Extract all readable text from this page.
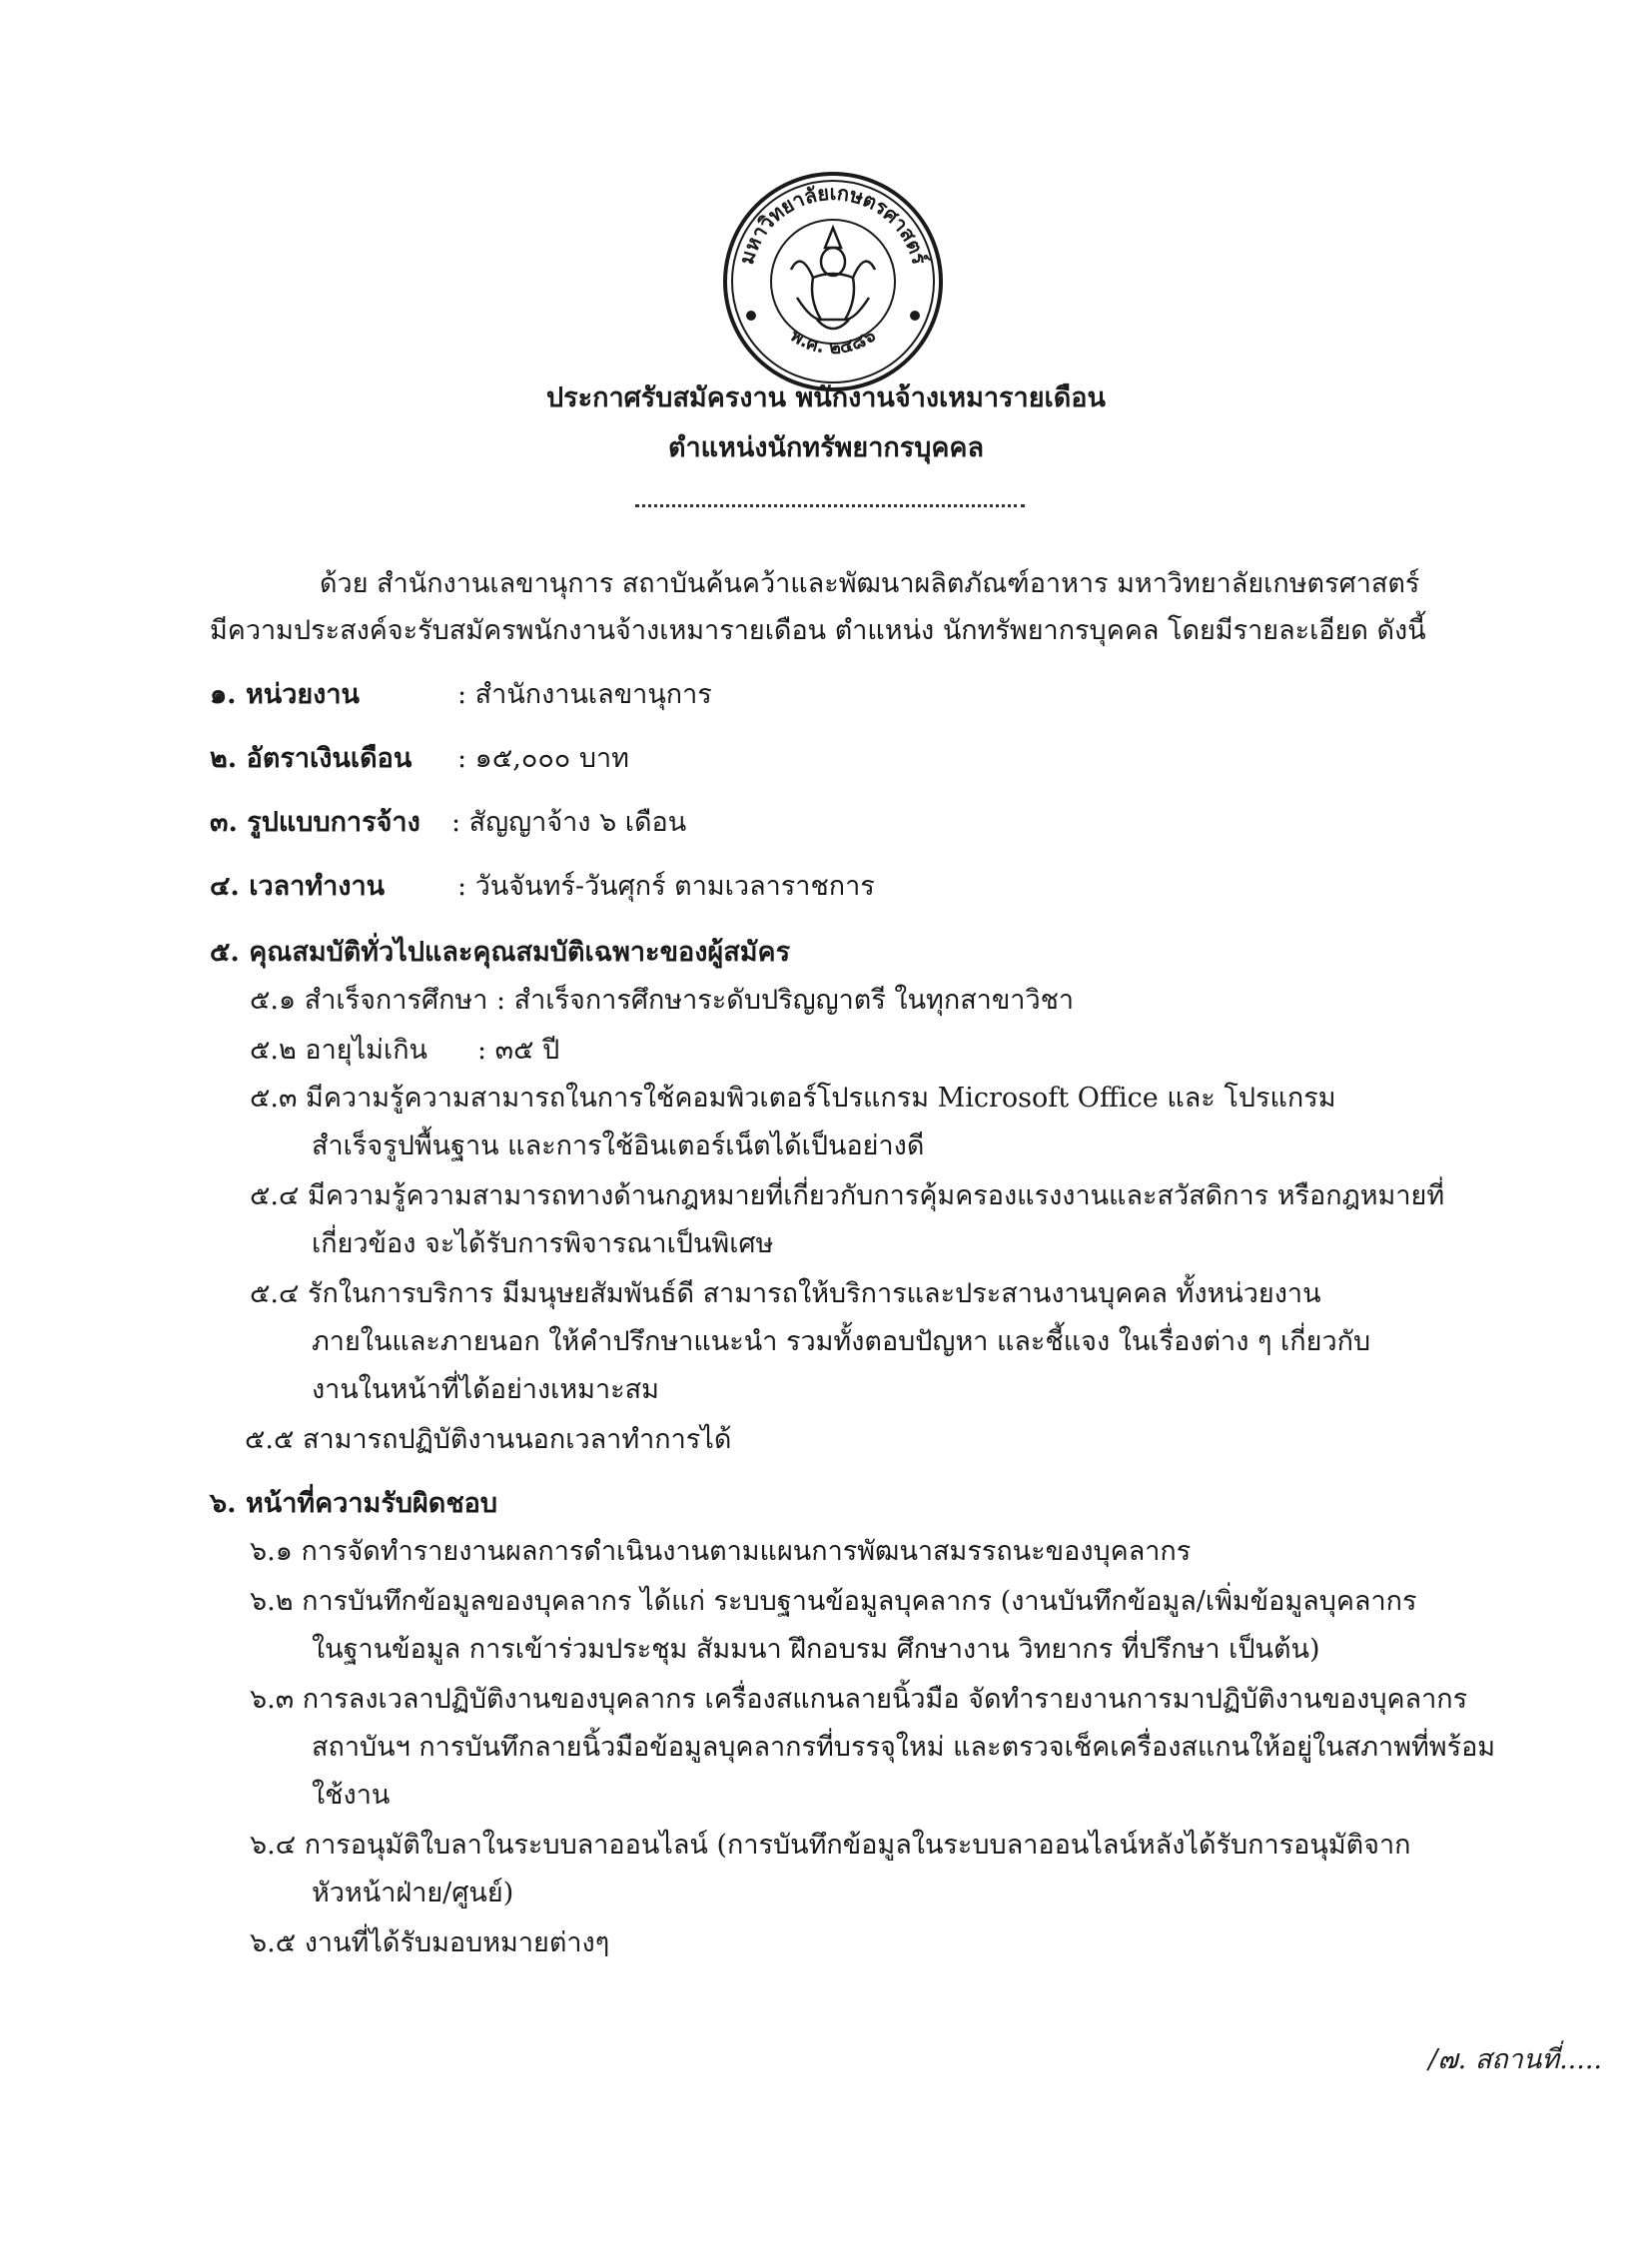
มหาวิทยาลัยเกษตรศาสตร์
พ.ศ. ๒๔๘๖
ประกาศรับสมัครงาน พนักงานจ้างเหมารายเดือน
ตำแหน่งนักทรัพยากรบุคคล
ด้วย สำนักงานเลขานุการ สถาบันค้นคว้าและพัฒนาผลิตภัณฑ์อาหาร มหาวิทยาลัยเกษตรศาสตร์
มีความประสงค์จะรับสมัครพนักงานจ้างเหมารายเดือน ตำแหน่ง นักทรัพยากรบุคคล โดยมีรายละเอียด ดังนี้
๑. หน่วยงาน	: สำนักงานเลขานุการ
๒. อัตราเงินเดือน : ๑๕,๐๐๐ บาท
๓. รูปแบบการจ้าง : สัญญาจ้าง ๖ เดือน
๔. เวลาทำงาน	: วันจันทร์-วันศุกร์ ตามเวลาราชการ
๕. คุณสมบัติทั่วไปและคุณสมบัติเฉพาะของผู้สมัคร
๕.๑ สำเร็จการศึกษา : สำเร็จการศึกษาระดับปริญญาตรี ในทุกสาขาวิชา
๕.๒ อายุไม่เกิน : ๓๕ ปี
๕.๓ มีความรู้ความสามารถในการใช้คอมพิวเตอร์โปรแกรม Microsoft Office และ โปรแกรม
สำเร็จรูปพื้นฐาน และการใช้อินเตอร์เน็ตได้เป็นอย่างดี
๕.๔ มีความรู้ความสามารถทางด้านกฎหมายที่เกี่ยวกับการคุ้มครองแรงงานและสวัสดิการ หรือกฎหมายที่
เกี่ยวข้อง จะได้รับการพิจารณาเป็นพิเศษ
๕.๔ รักในการบริการ มีมนุษยสัมพันธ์ดี สามารถให้บริการและประสานงานบุคคล ทั้งหน่วยงาน
ภายในและภายนอก ให้คำปรึกษาแนะนำ รวมทั้งตอบปัญหา และชี้แจง ในเรื่องต่าง ๆ เกี่ยวกับ
งานในหน้าที่ได้อย่างเหมาะสม
๕.๕ สามารถปฏิบัติงานนอกเวลาทำการได้
๖. หน้าที่ความรับผิดชอบ
๖.๑ การจัดทำรายงานผลการดำเนินงานตามแผนการพัฒนาสมรรถนะของบุคลากร
๖.๒ การบันทึกข้อมูลของบุคลากร ได้แก่ ระบบฐานข้อมูลบุคลากร (งานบันทึกข้อมูล/เพิ่มข้อมูลบุคลากร
ในฐานข้อมูล การเข้าร่วมประชุม สัมมนา ฝึกอบรม ศึกษางาน วิทยากร ที่ปรึกษา เป็นต้น)
๖.๓ การลงเวลาปฏิบัติงานของบุคลากร เครื่องสแกนลายนิ้วมือ จัดทำรายงานการมาปฏิบัติงานของบุคลากร
สถาบันฯ การบันทึกลายนิ้วมือข้อมูลบุคลากรที่บรรจุใหม่ และตรวจเช็คเครื่องสแกนให้อยู่ในสภาพที่พร้อม
ใช้งาน
๖.๔ การอนุมัติใบลาในระบบลาออนไลน์ (การบันทึกข้อมูลในระบบลาออนไลน์หลังได้รับการอนุมัติจาก
หัวหน้าฝ่าย/ศูนย์)
๖.๕ งานที่ได้รับมอบหมายต่างๆ
/๗. สถานที่.....
